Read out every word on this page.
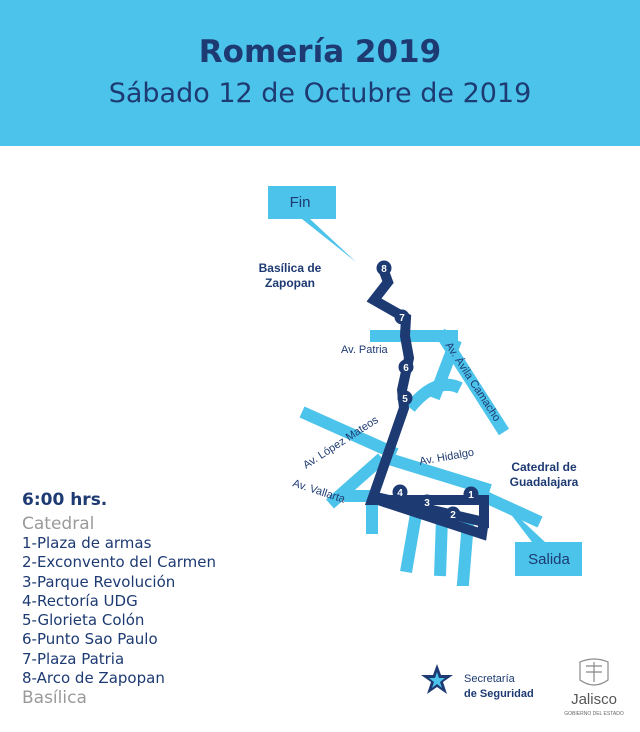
Romería 2019
Sábado 12 de Octubre de 2019
Fin
Salida
8
7
6
5
4
3
2
1
Basílica de Zapopan
Catedral de Guadalajara
Av. Patria	Av. Ávila Camacho
Av. López Mateos	Av. Hidalgo
Av. Vallarta
6:00 hrs.
Catedral
1-Plaza de armas
2-Exconvento del Carmen
3-Parque Revolución
4-Rectoría UDG
5-Glorieta Colón
6-Punto Sao Paulo
7-Plaza Patria
8-Arco de Zapopan
Basílica
Secretaría
de Seguridad Jalisco
GOBIERNO DEL ESTADO
